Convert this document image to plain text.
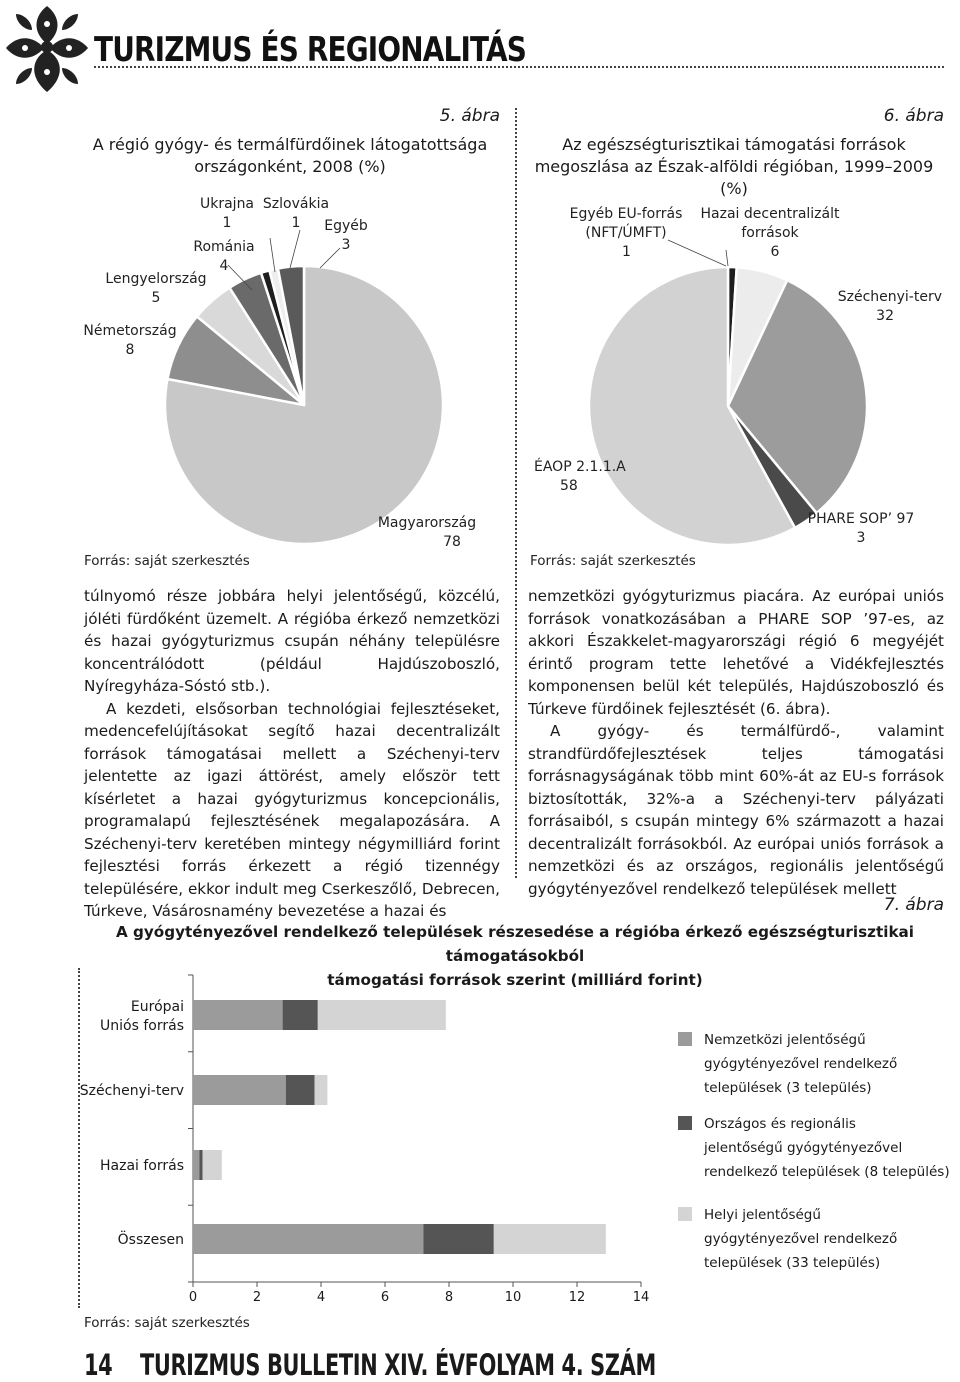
TURIZMUS ÉS REGIONALITÁS
5. ábra
A régió gyógy- és termálfürdőinek látogatottsága
országonként, 2008 (%)
Ukrajna
1
Szlovákia
1	Egyéb
3
Románia
4
Lengyelország
5
Németország
8
Magyarország
78
Forrás: saját szerkesztés
6. ábra
Az egészségturisztikai támogatási források
megoszlása az Észak-alföldi régióban, 1999–2009 (%)
Egyéb EU-forrás
(NFT/ÚMFT)
1
Hazai decentralizált
források
6
Széchenyi-terv
32
ÉAOP 2.1.1.A
58
PHARE SOP’ 97
3
Forrás: saját szerkesztés

túlnyomó része jobbára helyi jelentőségű, közcélú, jóléti fürdőként üzemelt. A régióba érkező nemzetközi és hazai gyógyturizmus csupán néhány településre koncentrálódott (például Hajdúszoboszló, Nyíregyháza-Sóstó stb.).

A kezdeti, elsősorban technológiai fejlesztéseket, medencefelújításokat segítő hazai decentralizált források támogatásai mellett a Széchenyi-terv jelentette az igazi áttörést, amely először tett kísérletet a hazai gyógyturizmus koncepcionális, programalapú fejlesztésének megalapozására. A Széchenyi-terv keretében mintegy négymilliárd forint fejlesztési forrás érkezett a régió tizennégy településére, ekkor indult meg Cserkeszőlő, Debrecen, Túrkeve, Vásárosnamény bevezetése a hazai és

nemzetközi gyógyturizmus piacára. Az európai uniós források vonatkozásában a PHARE SOP ’97-es, az akkori Északkelet-magyarországi régió 6 megyéjét érintő program tette lehetővé a Vidékfejlesztés komponensen belül két település, Hajdúszoboszló és Túrkeve fürdőinek fejlesztését (6. ábra).

A gyógy- és termálfürdő-, valamint strandfürdőfejlesztések teljes támogatási forrásnagyságának több mint 60%-át az EU-s források biztosították, 32%-a a Széchenyi-terv pályázati forrásaiból, s csupán mintegy 6% származott a hazai decentralizált forrásokból. Az európai uniós források a nemzetközi és az országos, regionális jelentőségű gyógytényezővel rendelkező települések mellett

7. ábra
A gyógytényezővel rendelkező települések részesedése a régióba érkező egészségturisztikai támogatásokból
támogatási források szerint (milliárd forint)
Európai
Uniós forrás
Széchenyi-terv
Hazai forrás
Összesen
0	2	4	6	8	10	12	14
Nemzetközi jelentőségű
gyógytényezővel rendelkező
települések (3 település)
Országos és regionális
jelentőségű gyógytényezővel
rendelkező települések (8 település)
Helyi jelentőségű
gyógytényezővel rendelkező
települések (33 település)
Forrás: saját szerkesztés
14 TURIZMUS BULLETIN XIV. ÉVFOLYAM 4. SZÁM
